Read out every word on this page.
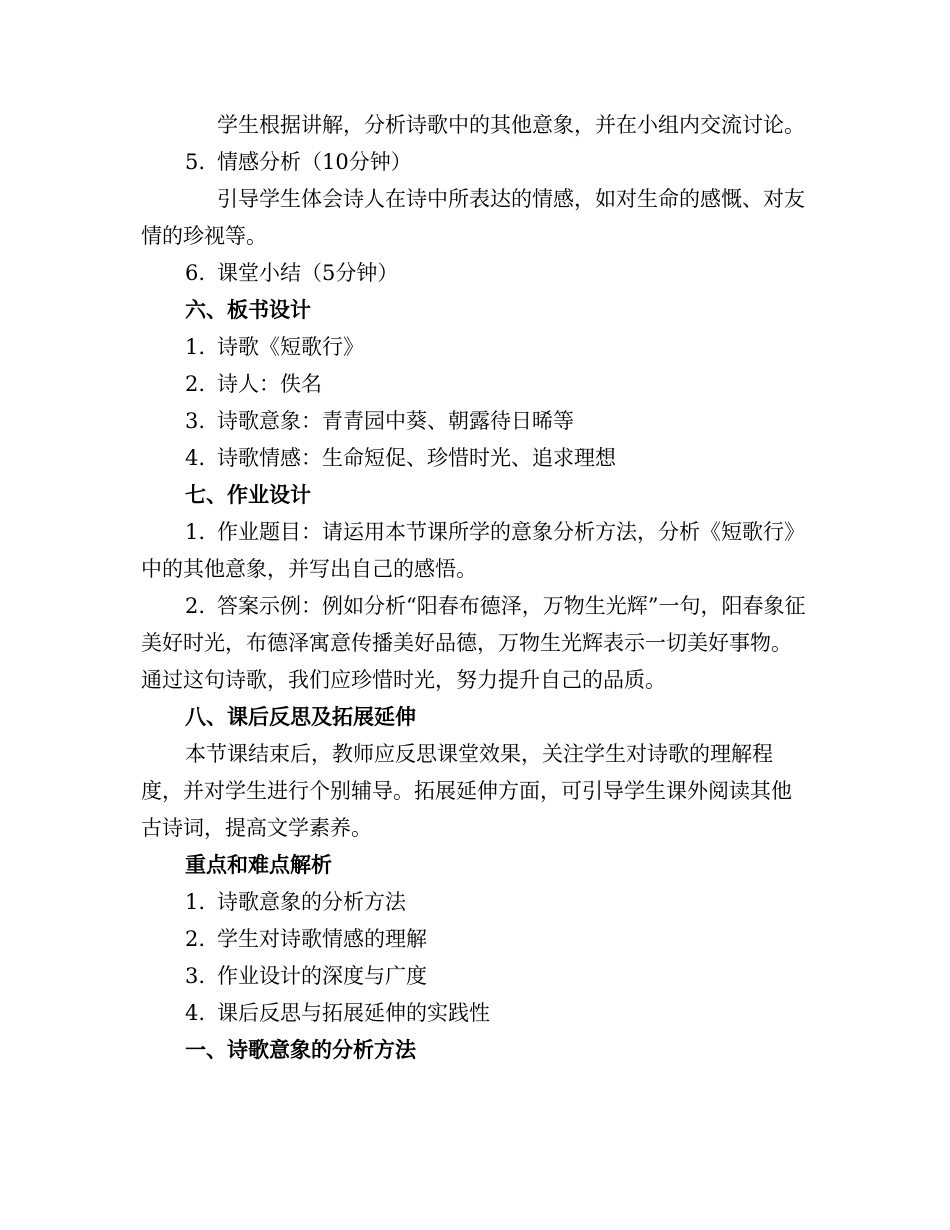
学生根据讲解，分析诗歌中的其他意象，并在小组内交流讨论。

5. 情感分析（10分钟）

引导学生体会诗人在诗中所表达的情感，如对生命的感慨、对友情的珍视等。

6. 课堂小结（5分钟）

六、板书设计

1. 诗歌《短歌行》

2. 诗人：佚名

3. 诗歌意象：青青园中葵、朝露待日晞等

4. 诗歌情感：生命短促、珍惜时光、追求理想

七、作业设计

1. 作业题目：请运用本节课所学的意象分析方法，分析《短歌行》中的其他意象，并写出自己的感悟。

2. 答案示例：例如分析“阳春布德泽，万物生光辉”一句，阳春象征美好时光，布德泽寓意传播美好品德，万物生光辉表示一切美好事物。通过这句诗歌，我们应珍惜时光，努力提升自己的品质。

八、课后反思及拓展延伸

本节课结束后，教师应反思课堂效果，关注学生对诗歌的理解程度，并对学生进行个别辅导。拓展延伸方面，可引导学生课外阅读其他古诗词，提高文学素养。

重点和难点解析

1. 诗歌意象的分析方法

2. 学生对诗歌情感的理解

3. 作业设计的深度与广度

4. 课后反思与拓展延伸的实践性

一、诗歌意象的分析方法
